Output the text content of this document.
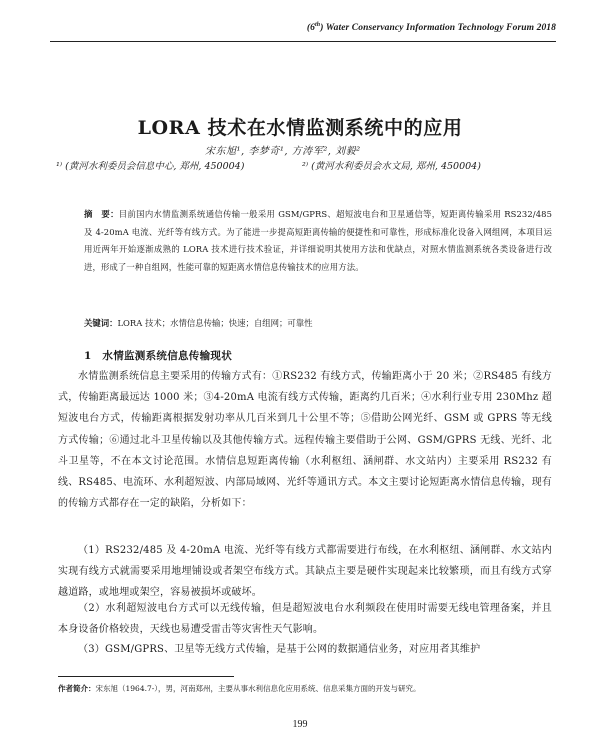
(6th) Water Conservancy Information Technology Forum 2018
LORA 技术在水情监测系统中的应用
宋东旭¹, 李梦奇¹, 方涛军², 刘毅²
¹⁾ (黄河水利委员会信息中心, 郑州, 450004)	²⁾ (黄河水利委员会水文局, 郑州, 450004)
摘　要：目前国内水情监测系统通信传输一般采用 GSM/GPRS、超短波电台和卫星通信等，短距离传输采用 RS232/485 及 4-20mA 电流、光纤等有线方式。为了能进一步提高短距离传输的便捷性和可靠性，形成标准化设备入网组网，本项目运用近两年开始逐渐成熟的 LORA 技术进行技术验证，并详细说明其使用方法和优缺点，对照水情监测系统各类设备进行改进，形成了一种自组网，性能可靠的短距离水情信息传输技术的应用方法。
关键词：LORA 技术；水情信息传输；快速；自组网；可靠性
1　水情监测系统信息传输现状

水情监测系统信息主要采用的传输方式有：①RS232 有线方式，传输距离小于 20 米；②RS485 有线方式，传输距离最远达 1000 米；③4-20mA 电流有线方式传输，距离约几百米；④水利行业专用 230Mhz 超短波电台方式，传输距离根据发射功率从几百米到几十公里不等；⑤借助公网光纤、GSM 或 GPRS 等无线方式传输；⑥通过北斗卫星传输以及其他传输方式。远程传输主要借助于公网、GSM/GPRS 无线、光纤、北斗卫星等，不在本文讨论范围。水情信息短距离传输（水利枢纽、涵闸群、水文站内）主要采用 RS232 有线、RS485、电流环、水利超短波、内部局域网、光纤等通讯方式。本文主要讨论短距离水情信息传输，现有的传输方式都存在一定的缺陷，分析如下：

（1）RS232/485 及 4-20mA 电流、光纤等有线方式都需要进行布线，在水利枢纽、涵闸群、水文站内实现有线方式就需要采用地埋铺设或者架空布线方式。其缺点主要是硬件实现起来比较繁琐，而且有线方式穿越道路，或地埋或架空，容易被损坏或破坏。

（2）水利超短波电台方式可以无线传输，但是超短波电台水利频段在使用时需要无线电管理备案，并且本身设备价格较贵，天线也易遭受雷击等灾害性天气影响。

（3）GSM/GPRS、卫星等无线方式传输，是基于公网的数据通信业务，对应用者其维护

作者简介：宋东旭（1964.7-），男，河南郑州，主要从事水利信息化应用系统、信息采集方面的开发与研究。
199
